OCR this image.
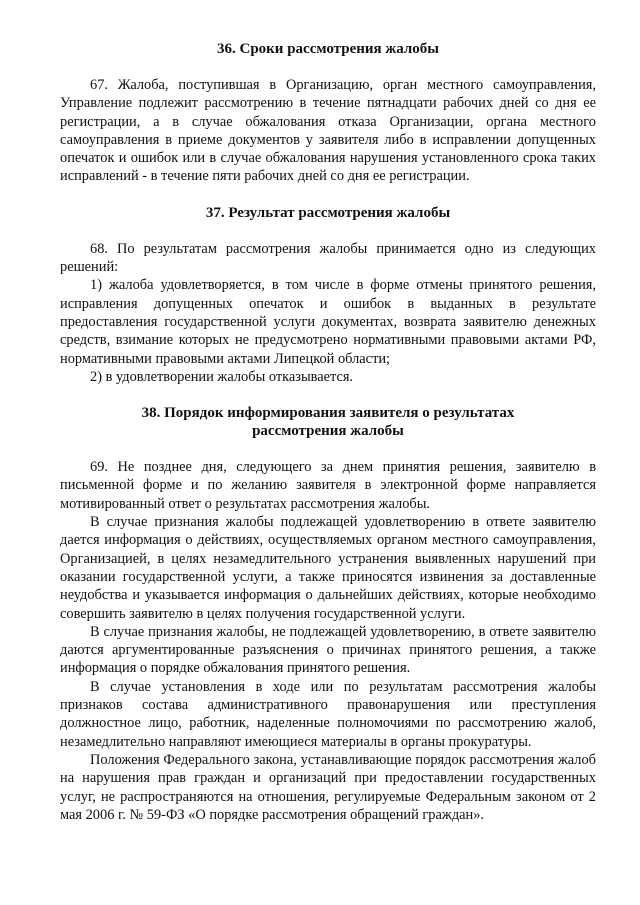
36. Сроки рассмотрения жалобы

67. Жалоба, поступившая в Организацию, орган местного самоуправления, Управление подлежит рассмотрению в течение пятнадцати рабочих дней со дня ее регистрации, а в случае обжалования отказа Организации, органа местного самоуправления в приеме документов у заявителя либо в исправлении допущенных опечаток и ошибок или в случае обжалования нарушения установленного срока таких исправлений - в течение пяти рабочих дней со дня ее регистрации.

37. Результат рассмотрения жалобы

68. По результатам рассмотрения жалобы принимается одно из следующих решений:

1) жалоба удовлетворяется, в том числе в форме отмены принятого решения, исправления допущенных опечаток и ошибок в выданных в результате предоставления государственной услуги документах, возврата заявителю денежных средств, взимание которых не предусмотрено нормативными правовыми актами РФ, нормативными правовыми актами Липецкой области;

2) в удовлетворении жалобы отказывается.

38. Порядок информирования заявителя о результатах
рассмотрения жалобы

69. Не позднее дня, следующего за днем принятия решения, заявителю в письменной форме и по желанию заявителя в электронной форме направляется мотивированный ответ о результатах рассмотрения жалобы.

В случае признания жалобы подлежащей удовлетворению в ответе заявителю дается информация о действиях, осуществляемых органом местного самоуправления, Организацией, в целях незамедлительного устранения выявленных нарушений при оказании государственной услуги, а также приносятся извинения за доставленные неудобства и указывается информация о дальнейших действиях, которые необходимо совершить заявителю в целях получения государственной услуги.

В случае признания жалобы, не подлежащей удовлетворению, в ответе заявителю даются аргументированные разъяснения о причинах принятого решения, а также информация о порядке обжалования принятого решения.

В случае установления в ходе или по результатам рассмотрения жалобы признаков состава административного правонарушения или преступления должностное лицо, работник, наделенные полномочиями по рассмотрению жалоб, незамедлительно направляют имеющиеся материалы в органы прокуратуры.

Положения Федерального закона, устанавливающие порядок рассмотрения жалоб на нарушения прав граждан и организаций при предоставлении государственных услуг, не распространяются на отношения, регулируемые Федеральным законом от 2 мая 2006 г. № 59-ФЗ «О порядке рассмотрения обращений граждан».
